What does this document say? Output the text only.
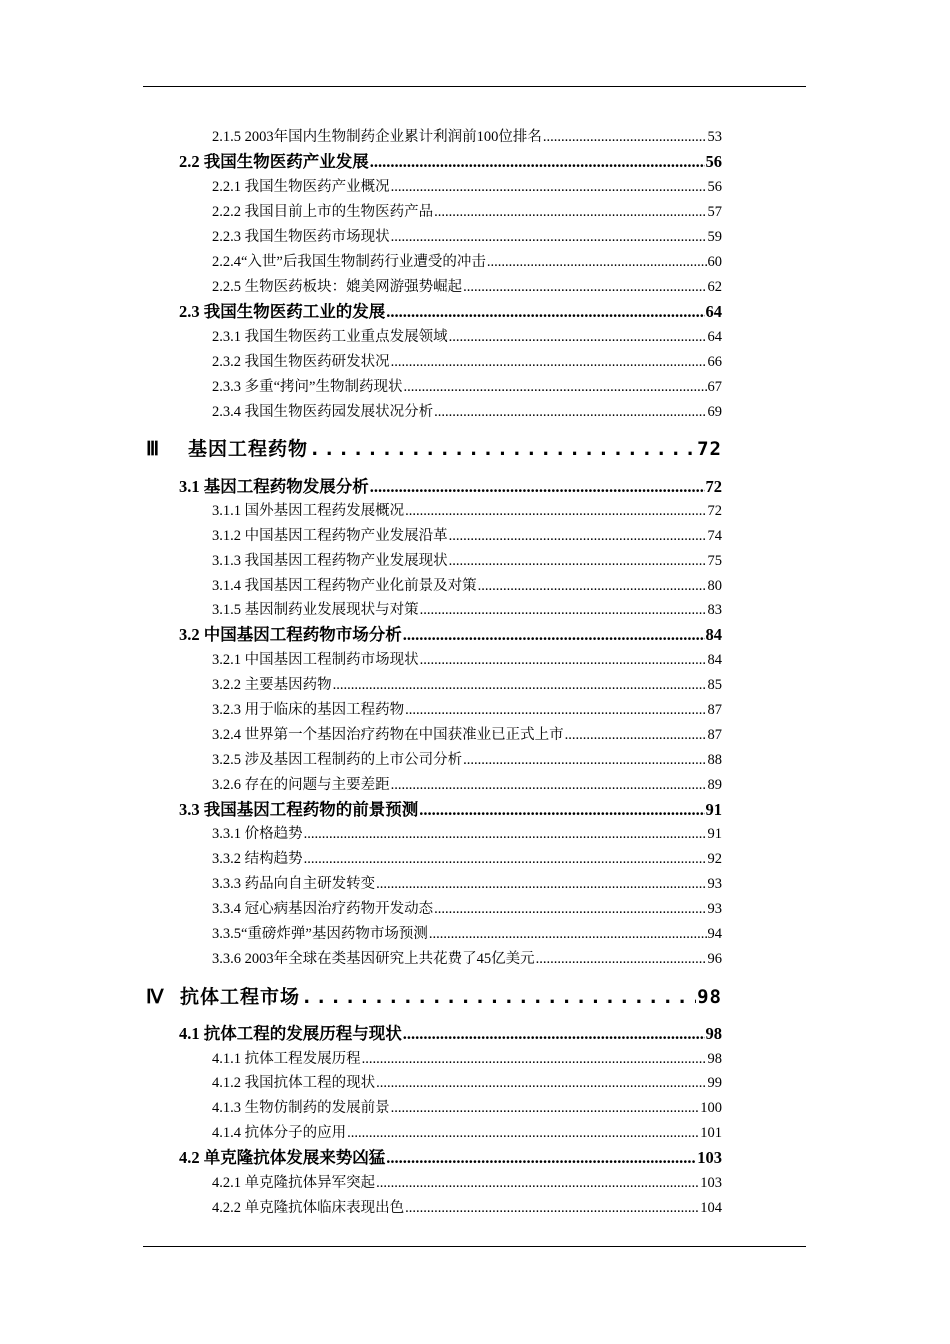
2.1.5 2003年国内生物制药企业累计利润前100位排名 .....	53
2.2 我国生物医药产业发展 .....	56
2.2.1 我国生物医药产业概况 .....	56
2.2.2 我国目前上市的生物医药产品 .....	57
2.2.3 我国生物医药市场现状 .....	59
2.2.4“入世”后我国生物制药行业遭受的冲击 .....	60
2.2.5 生物医药板块：媲美网游强势崛起 .....	62
2.3 我国生物医药工业的发展 .....	64
2.3.1 我国生物医药工业重点发展领域 .....	64
2.3.2 我国生物医药研发状况 .....	66
2.3.3 多重“拷问”生物制药现状 .....	67
2.3.4 我国生物医药园发展状况分析 .....	69
Ⅲ 基因工程药物 .....	72
3.1 基因工程药物发展分析 .....	72
3.1.1 国外基因工程药发展概况 .....	72
3.1.2 中国基因工程药物产业发展沿革 .....	74
3.1.3 我国基因工程药物产业发展现状 .....	75
3.1.4 我国基因工程药物产业化前景及对策 .....	80
3.1.5 基因制药业发展现状与对策 .....	83
3.2 中国基因工程药物市场分析 .....	84
3.2.1 中国基因工程制药市场现状 .....	84
3.2.2 主要基因药物 .....	85
3.2.3 用于临床的基因工程药物 .....	87
3.2.4 世界第一个基因治疗药物在中国获准业已正式上市 .....	87
3.2.5 涉及基因工程制药的上市公司分析 .....	88
3.2.6 存在的问题与主要差距 .....	89
3.3 我国基因工程药物的前景预测 .....	91
3.3.1 价格趋势 .....	91
3.3.2 结构趋势 .....	92
3.3.3 药品向自主研发转变 .....	93
3.3.4 冠心病基因治疗药物开发动态 .....	93
3.3.5“重磅炸弹”基因药物市场预测 .....	94
3.3.6 2003年全球在类基因研究上共花费了45亿美元 .....	96
Ⅳ 抗体工程市场 .....	98
4.1 抗体工程的发展历程与现状 .....	98
4.1.1 抗体工程发展历程 .....	98
4.1.2 我国抗体工程的现状 .....	99
4.1.3 生物仿制药的发展前景 .....	100
4.1.4 抗体分子的应用 .....	101
4.2 单克隆抗体发展来势凶猛 .....	103
4.2.1 单克隆抗体异军突起 .....	103
4.2.2 单克隆抗体临床表现出色 .....	104
